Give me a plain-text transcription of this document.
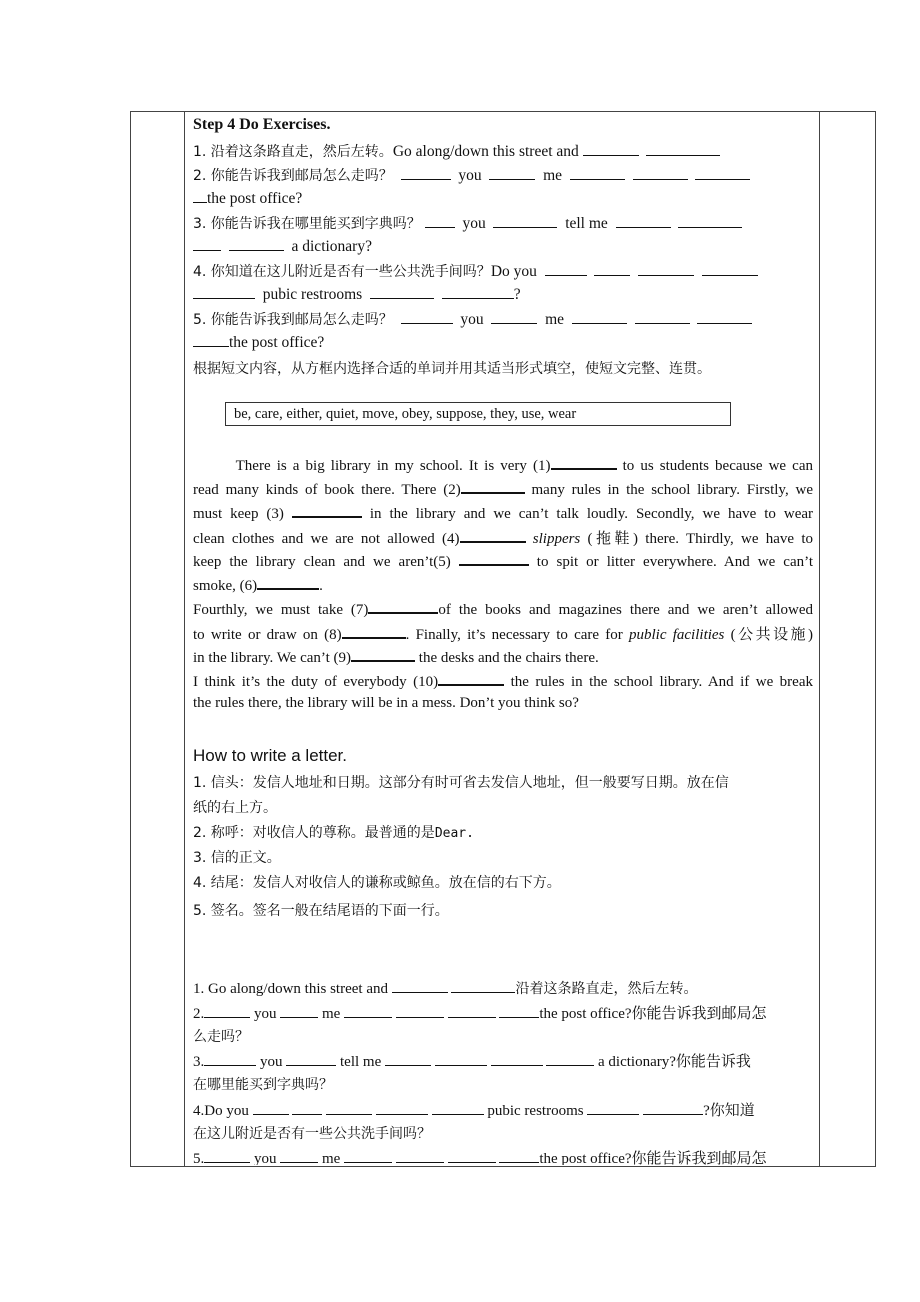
Step 4 Do Exercises.
1. 沿着这条路直走，然后左转。Go along/down this street and
2. 你能告诉我到邮局怎么走吗？	you	me
the post office?
3. 你能告诉我在哪里能买到字典吗？	you	tell me
a dictionary?
4. 你知道在这儿附近是否有一些公共洗手间吗？Do you
pubic restrooms	?
5. 你能告诉我到邮局怎么走吗？	you	me
the post office?
根据短文内容，从方框内选择合适的单词并用其适当形式填空，使短文完整、连贯。
be, care, either, quiet, move, obey, suppose, they, use, wear
There is a big library in my school. It is very (1)	to us students because we can
read many kinds of book there. There (2)	many rules in the school library. Firstly, we
must keep (3)	in the library and we can’t talk loudly. Secondly, we have to wear
clean clothes and we are not allowed (4)	slippers (拖鞋) there. Thirdly, we have to
keep the library clean and we aren’t(5)	to spit or litter everywhere. And we can’t
smoke, (6)	.
Fourthly, we must take (7)	of the books and magazines there and we aren’t allowed
to write or draw on (8)	. Finally, it’s necessary to care for public facilities (公共设施)
in the library. We can’t (9)	the desks and the chairs there.
I think it’s the duty of everybody (10)	the rules in the school library. And if we break
the rules there, the library will be in a mess. Don’t you think so?
How to write a letter.
1. 信头：发信人地址和日期。这部分有时可省去发信人地址，但一般要写日期。放在信
纸的右上方。
2. 称呼：对收信人的尊称。最普通的是Dear.
3. 信的正文。
4. 结尾：发信人对收信人的谦称或鲸鱼。放在信的右下方。
5. 签名。签名一般在结尾语的下面一行。
1. Go along/down this street and	沿着这条路直走，然后左转。
2.	you	me	the post office?你能告诉我到邮局怎
么走吗？
3.	you	tell me	a dictionary?你能告诉我
在哪里能买到字典吗？
4.Do you	pubic restrooms	?你知道
在这儿附近是否有一些公共洗手间吗？
5.	you	me	the post office?你能告诉我到邮局怎
